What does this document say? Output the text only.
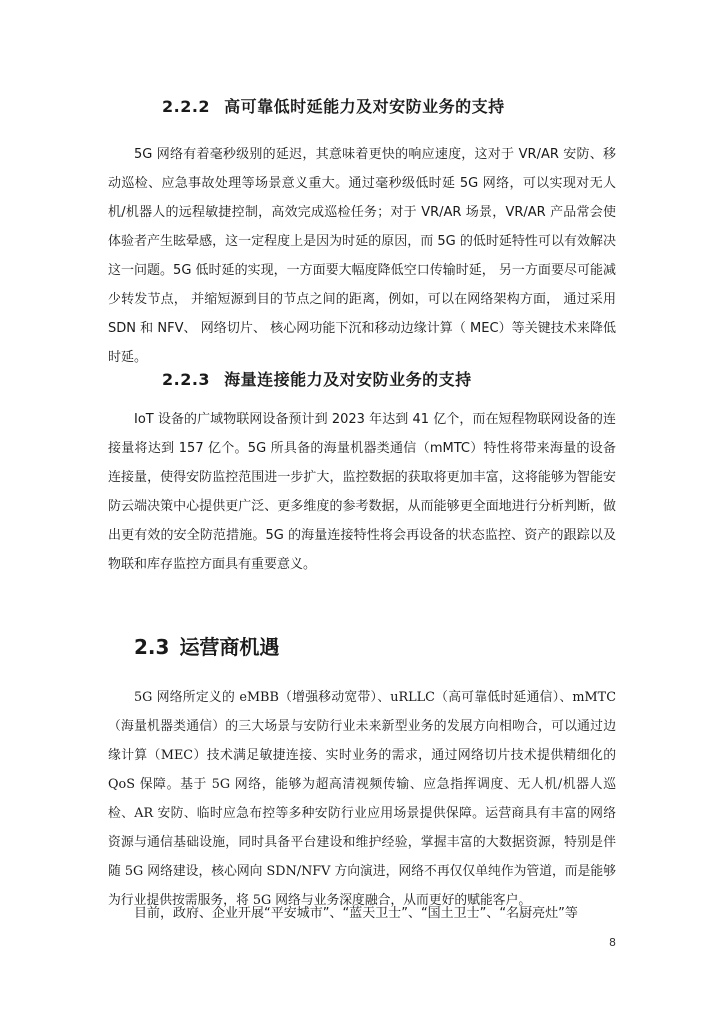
2.2.2 高可靠低时延能力及对安防业务的支持

5G 网络有着毫秒级别的延迟，其意味着更快的响应速度，这对于 VR/AR 安防、移动巡检、应急事故处理等场景意义重大。通过毫秒级低时延 5G 网络，可以实现对无人机/机器人的远程敏捷控制，高效完成巡检任务；对于 VR/AR 场景，VR/AR 产品常会使体验者产生眩晕感，这一定程度上是因为时延的原因，而 5G 的低时延特性可以有效解决这一问题。5G 低时延的实现，一方面要大幅度降低空口传输时延， 另一方面要尽可能减少转发节点， 并缩短源到目的节点之间的距离，例如，可以在网络架构方面， 通过采用 SDN 和 NFV、 网络切片、 核心网功能下沉和移动边缘计算（ MEC）等关键技术来降低时延。

2.2.3 海量连接能力及对安防业务的支持

IoT 设备的广域物联网设备预计到 2023 年达到 41 亿个，而在短程物联网设备的连接量将达到 157 亿个。5G 所具备的海量机器类通信（mMTC）特性将带来海量的设备连接量，使得安防监控范围进一步扩大，监控数据的获取将更加丰富，这将能够为智能安防云端决策中心提供更广泛、更多维度的参考数据，从而能够更全面地进行分析判断，做出更有效的安全防范措施。5G 的海量连接特性将会再设备的状态监控、资产的跟踪以及物联和库存监控方面具有重要意义。

2.3 运营商机遇

5G 网络所定义的 eMBB（增强移动宽带）、uRLLC（高可靠低时延通信）、mMTC（海量机器类通信）的三大场景与安防行业未来新型业务的发展方向相吻合，可以通过边缘计算（MEC）技术满足敏捷连接、实时业务的需求，通过网络切片技术提供精细化的 QoS 保障。基于 5G 网络，能够为超高清视频传输、应急指挥调度、无人机/机器人巡检、AR 安防、临时应急布控等多种安防行业应用场景提供保障。运营商具有丰富的网络资源与通信基础设施，同时具备平台建设和维护经验，掌握丰富的大数据资源，特别是伴随 5G 网络建设，核心网向 SDN/NFV 方向演进，网络不再仅仅单纯作为管道，而是能够为行业提供按需服务，将 5G 网络与业务深度融合，从而更好的赋能客户。

目前，政府、企业开展“平安城市”、“蓝天卫士”、“国土卫士”、“名厨亮灶”等

8
